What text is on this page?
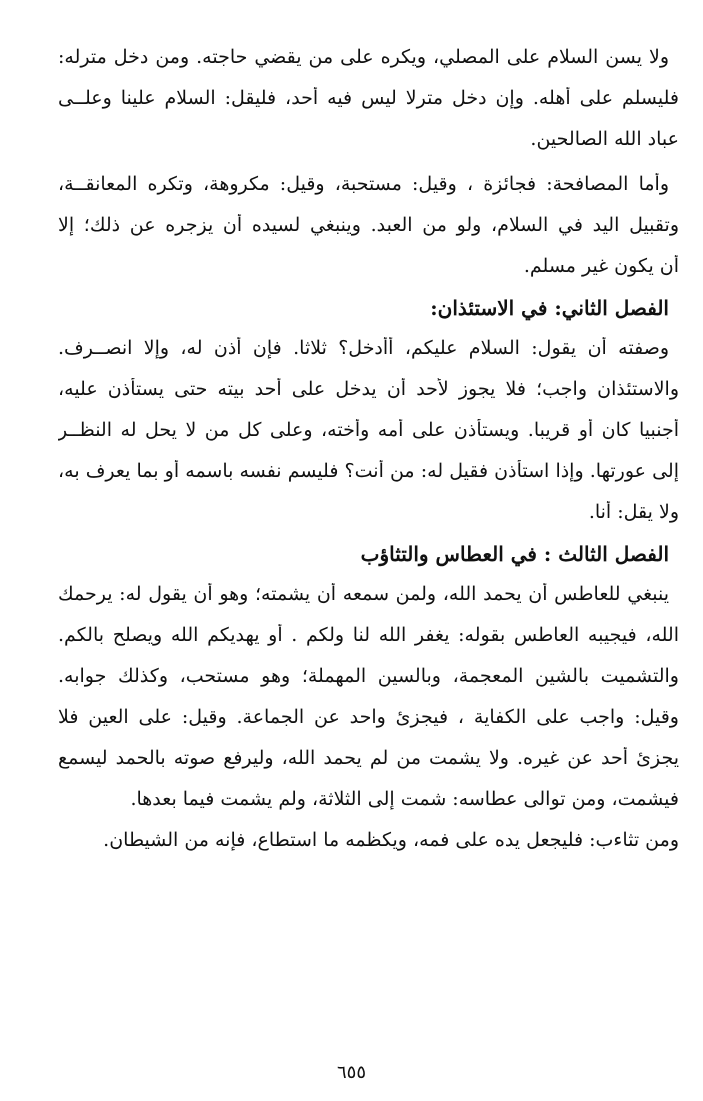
ولا يسن السلام على المصلي، ويكره على من يقضي حاجته. ومن دخل مترله:
فليسلم على أهله. وإن دخل مترلا ليس فيه أحد، فليقل: السلام علينا وعلــى
عباد الله الصالحين.
وأما المصافحة: فجائزة ، وقيل: مستحبة، وقيل: مكروهة، وتكره المعانقــة،
وتقبيل اليد في السلام، ولو من العبد. وينبغي لسيده أن يزجره عن ذلك؛ إلا
أن يكون غير مسلم.
الفصل الثاني: في الاستئذان:
وصفته أن يقول: السلام عليكم، أأدخل؟ ثلاثا. فإن أذن له، وإلا انصــرف.
والاستئذان واجب؛ فلا يجوز لأحد أن يدخل على أحد بيته حتى يستأذن عليه،
أجنبيا كان أو قريبا. ويستأذن على أمه وأخته، وعلى كل من لا يحل له النظــر
إلى عورتها. وإذا استأذن فقيل له: من أنت؟ فليسم نفسه باسمه أو بما يعرف به،
ولا يقل: أنا.
الفصل الثالث : في العطاس والتثاؤب
ينبغي للعاطس أن يحمد الله، ولمن سمعه أن يشمته؛ وهو أن يقول له: يرحمك
الله، فيجيبه العاطس بقوله: يغفر الله لنا ولكم . أو يهديكم الله ويصلح بالكم.
والتشميت بالشين المعجمة، وبالسين المهملة؛ وهو مستحب، وكذلك جوابه.
وقيل: واجب على الكفاية ، فيجزئ واحد عن الجماعة. وقيل: على العين فلا
يجزئ أحد عن غيره. ولا يشمت من لم يحمد الله، وليرفع صوته بالحمد ليسمع
فيشمت، ومن توالى عطاسه: شمت إلى الثلاثة، ولم يشمت فيما بعدها.
ومن تثاءب: فليجعل يده على فمه، ويكظمه ما استطاع، فإنه من الشيطان.
٦٥٥
